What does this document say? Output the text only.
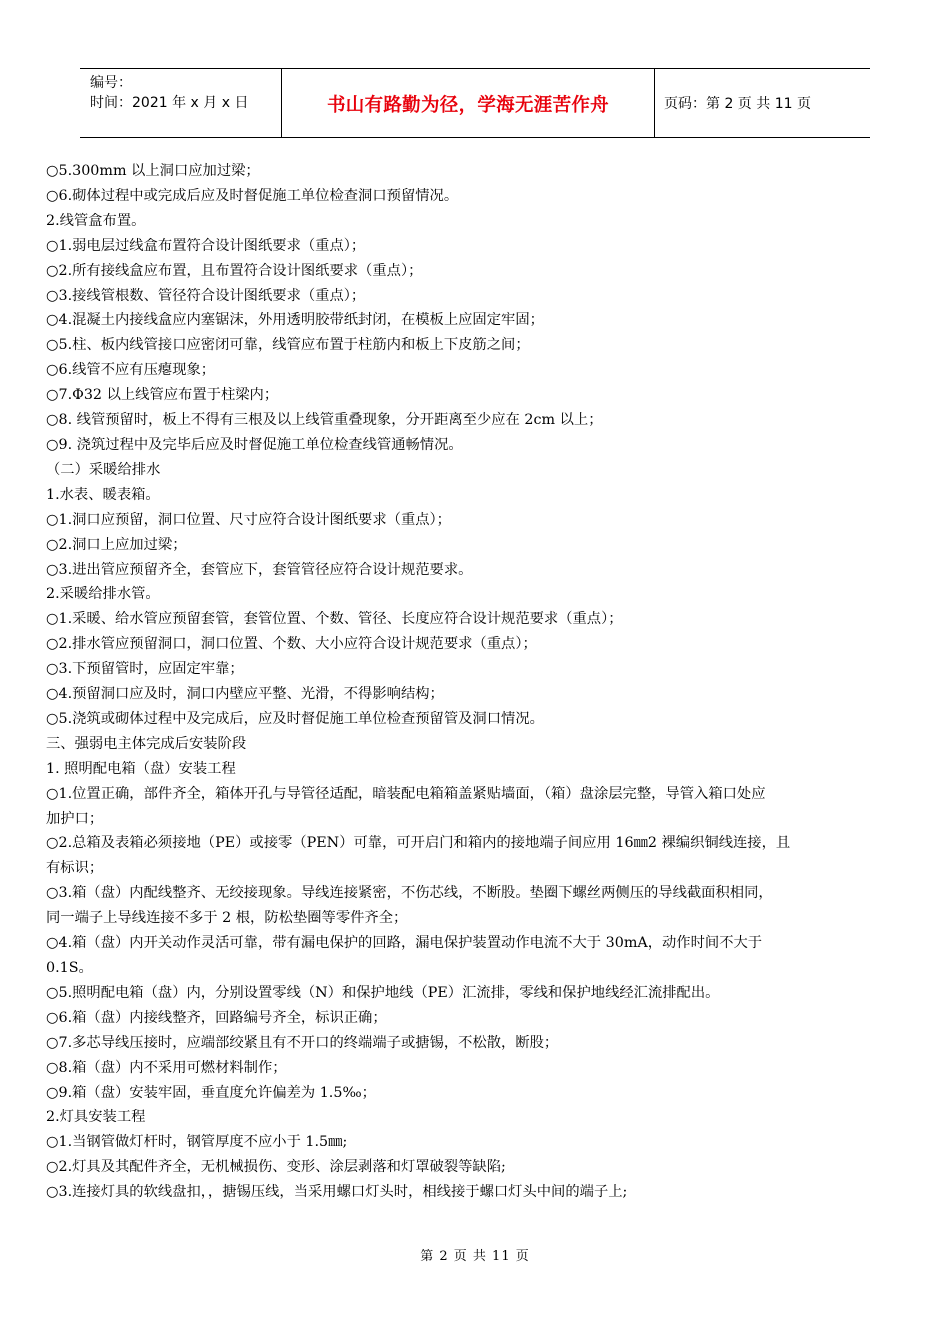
编号：
时间：2021 年 x 月 x 日	书山有路勤为径，学海无涯苦作舟	页码：第 2 页 共 11 页
○5.300mm 以上洞口应加过梁；
○6.砌体过程中或完成后应及时督促施工单位检查洞口预留情况。
2.线管盒布置。
○1.弱电层过线盒布置符合设计图纸要求（重点）；
○2.所有接线盒应布置，且布置符合设计图纸要求（重点）；
○3.接线管根数、管径符合设计图纸要求（重点）；
○4.混凝土内接线盒应内塞锯沫，外用透明胶带纸封闭，在模板上应固定牢固；
○5.柱、板内线管接口应密闭可靠，线管应布置于柱筋内和板上下皮筋之间；
○6.线管不应有压瘪现象；
○7.Φ32 以上线管应布置于柱梁内；
○8. 线管预留时，板上不得有三根及以上线管重叠现象，分开距离至少应在 2cm 以上；
○9. 浇筑过程中及完毕后应及时督促施工单位检查线管通畅情况。
（二）采暖给排水
1.水表、暖表箱。
○1.洞口应预留，洞口位置、尺寸应符合设计图纸要求（重点）；
○2.洞口上应加过梁；
○3.进出管应预留齐全，套管应下，套管管径应符合设计规范要求。
2.采暖给排水管。
○1.采暖、给水管应预留套管，套管位置、个数、管径、长度应符合设计规范要求（重点）；
○2.排水管应预留洞口，洞口位置、个数、大小应符合设计规范要求（重点）；
○3.下预留管时，应固定牢靠；
○4.预留洞口应及时，洞口内壁应平整、光滑，不得影响结构；
○5.浇筑或砌体过程中及完成后，应及时督促施工单位检查预留管及洞口情况。
三、强弱电主体完成后安装阶段
1. 照明配电箱（盘）安装工程
○1.位置正确，部件齐全，箱体开孔与导管径适配，暗装配电箱箱盖紧贴墙面，（箱）盘涂层完整，导管入箱口处应
加护口；
○2.总箱及表箱必须接地（PE）或接零（PEN）可靠，可开启门和箱内的接地端子间应用 16㎜2 裸编织铜线连接，且
有标识；
○3.箱（盘）内配线整齐、无绞接现象。导线连接紧密，不伤芯线，不断股。垫圈下螺丝两侧压的导线截面积相同，
同一端子上导线连接不多于 2 根，防松垫圈等零件齐全；
○4.箱（盘）内开关动作灵活可靠，带有漏电保护的回路，漏电保护装置动作电流不大于 30mA，动作时间不大于
0.1S。
○5.照明配电箱（盘）内，分别设置零线（N）和保护地线（PE）汇流排，零线和保护地线经汇流排配出。
○6.箱（盘）内接线整齐，回路编号齐全，标识正确；
○7.多芯导线压接时，应端部绞紧且有不开口的终端端子或搪锡，不松散，断股；
○8.箱（盘）内不采用可燃材料制作；
○9.箱（盘）安装牢固，垂直度允许偏差为 1.5‰；
2.灯具安装工程
○1.当钢管做灯杆时，钢管厚度不应小于 1.5㎜;
○2.灯具及其配件齐全，无机械损伤、变形、涂层剥落和灯罩破裂等缺陷;
○3.连接灯具的软线盘扣，，搪锡压线，当采用螺口灯头时，相线接于螺口灯头中间的端子上;
第 2 页 共 11 页
